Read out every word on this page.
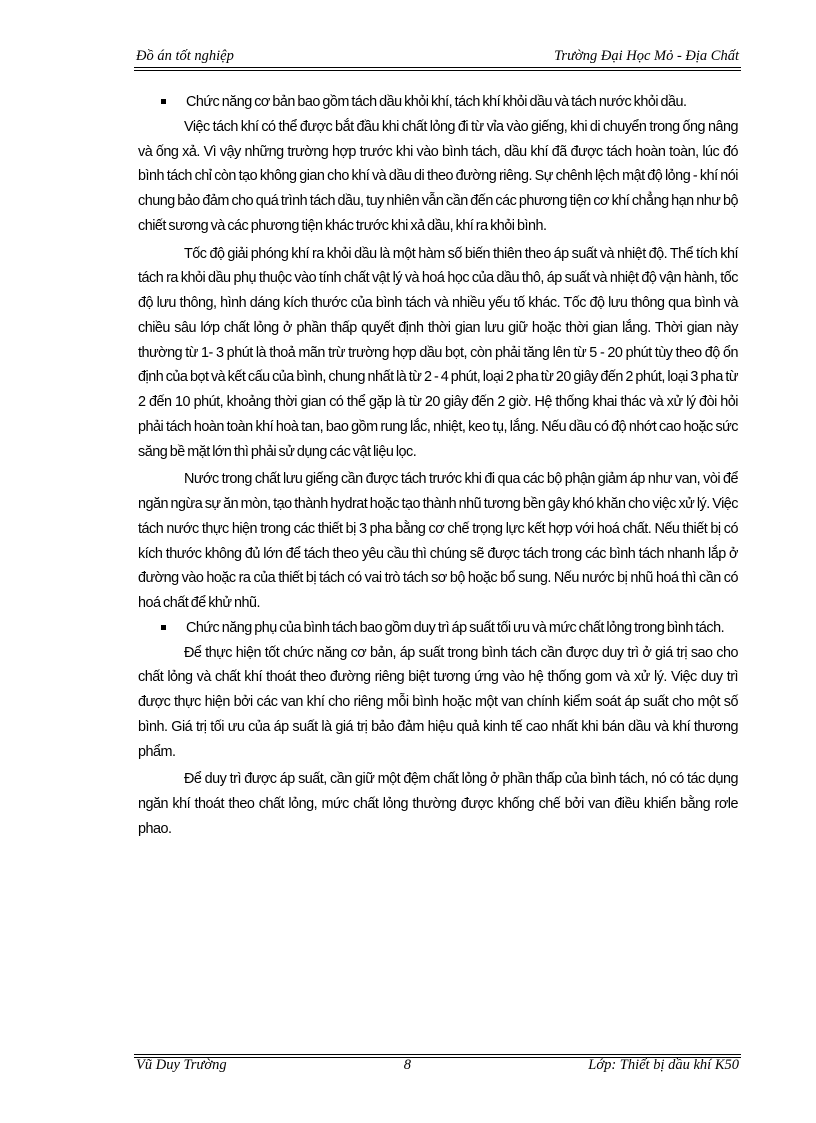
Đồ án tốt nghiệp	Trường Đại Học Mỏ - Địa Chất

Chức năng cơ bản bao gồm tách dầu khỏi khí, tách khí khỏi dầu và tách nước khỏi dầu.

Việc tách khí có thể được bắt đầu khi chất lỏng đi từ vỉa vào giếng, khi di chuyển trong ống nâng và ống xả. Vì vậy những trường hợp trước khi vào bình tách, dầu khí đã được tách hoàn toàn, lúc đó bình tách chỉ còn tạo không gian cho khí và dầu di theo đường riêng. Sự chênh lệch mật độ lỏng - khí nói chung bảo đảm cho quá trình tách dầu, tuy nhiên vẫn cần đến các phương tiện cơ khí chẳng hạn như bộ chiết sương và các phương tiện khác trước khi xả dầu, khí ra khỏi bình.

Tốc độ giải phóng khí ra khỏi dầu là một hàm số biến thiên theo áp suất và nhiệt độ. Thể tích khí tách ra khỏi dầu phụ thuộc vào tính chất vật lý và hoá học của dầu thô, áp suất và nhiệt độ vận hành, tốc độ lưu thông, hình dáng kích thước của bình tách và nhiều yếu tố khác. Tốc độ lưu thông qua bình và chiều sâu lớp chất lỏng ở phần thấp quyết định thời gian lưu giữ hoặc thời gian lắng. Thời gian này thường từ 1- 3 phút là thoả mãn trừ trường hợp dầu bọt, còn phải tăng lên từ 5 - 20 phút tùy theo độ ổn định của bọt và kết cấu của bình, chung nhất là từ 2 - 4 phút, loại 2 pha từ 20 giây đến 2 phút, loại 3 pha từ 2 đến 10 phút, khoảng thời gian có thể gặp là từ 20 giây đến 2 giờ. Hệ thống khai thác và xử lý đòi hỏi phải tách hoàn toàn khí hoà tan, bao gồm rung lắc, nhiệt, keo tụ, lắng. Nếu dầu có độ nhớt cao hoặc sức săng bề mặt lớn thì phải sử dụng các vật liệu lọc.

Nước trong chất lưu giếng cần được tách trước khi đi qua các bộ phận giảm áp như van, vòi để ngăn ngừa sự ăn mòn, tạo thành hydrat hoặc tạo thành nhũ tương bền gây khó khăn cho việc xử lý. Việc tách nước thực hiện trong các thiết bị 3 pha bằng cơ chế trọng lực kết hợp với hoá chất. Nếu thiết bị có kích thước không đủ lớn để tách theo yêu cầu thì chúng sẽ được tách trong các bình tách nhanh lắp ở đường vào hoặc ra của thiết bị tách có vai trò tách sơ bộ hoặc bổ sung. Nếu nước bị nhũ hoá thì cần có hoá chất để khử nhũ.

Chức năng phụ của bình tách bao gồm duy trì áp suất tối ưu và mức chất lỏng trong bình tách.

Để thực hiện tốt chức năng cơ bản, áp suất trong bình tách cần được duy trì ở giá trị sao cho chất lỏng và chất khí thoát theo đường riêng biệt tương ứng vào hệ thống gom và xử lý. Việc duy trì được thực hiện bởi các van khí cho riêng mỗi bình hoặc một van chính kiểm soát áp suất cho một số bình. Giá trị tối ưu của áp suất là giá trị bảo đảm hiệu quả kinh tế cao nhất khi bán dầu và khí thương phẩm.

Để duy trì được áp suất, cần giữ một đệm chất lỏng ở phần thấp của bình tách, nó có tác dụng ngăn khí thoát theo chất lỏng, mức chất lỏng thường được khống chế bởi van điều khiển bằng rơle phao.

Vũ Duy Trường	8	Lớp: Thiết bị dầu khí K50
